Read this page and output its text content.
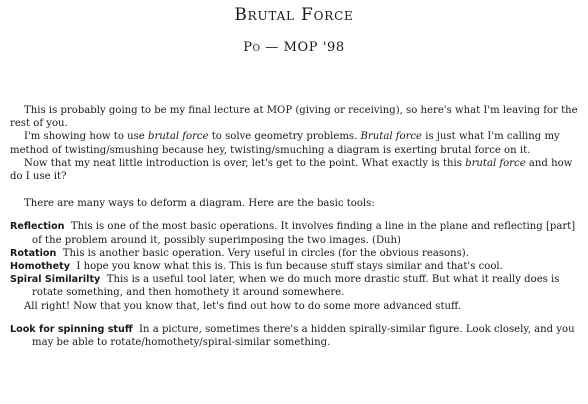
Brutal Force
Po — MOP '98

This is probably going to be my final lecture at MOP (giving or receiving), so here's what I'm leaving for the rest of you.

I'm showing how to use brutal force to solve geometry problems. Brutal force is just what I'm calling my method of twisting/smushing because hey, twisting/smuching a diagram is exerting brutal force on it.

Now that my neat little introduction is over, let's get to the point. What exactly is this brutal force and how do I use it?

There are many ways to deform a diagram. Here are the basic tools:

Reflection This is one of the most basic operations. It involves finding a line in the plane and reflecting [part] of the problem around it, possibly superimposing the two images. (Duh)

Rotation This is another basic operation. Very useful in circles (for the obvious reasons).

Homothety I hope you know what this is. This is fun because stuff stays similar and that's cool.

Spiral Similarilty This is a useful tool later, when we do much more drastic stuff. But what it really does is rotate something, and then homothety it around somewhere.

All right! Now that you know that, let's find out how to do some more advanced stuff.

Look for spinning stuff In a picture, sometimes there's a hidden spirally-similar figure. Look closely, and you may be able to rotate/homothety/spiral-similar something.
